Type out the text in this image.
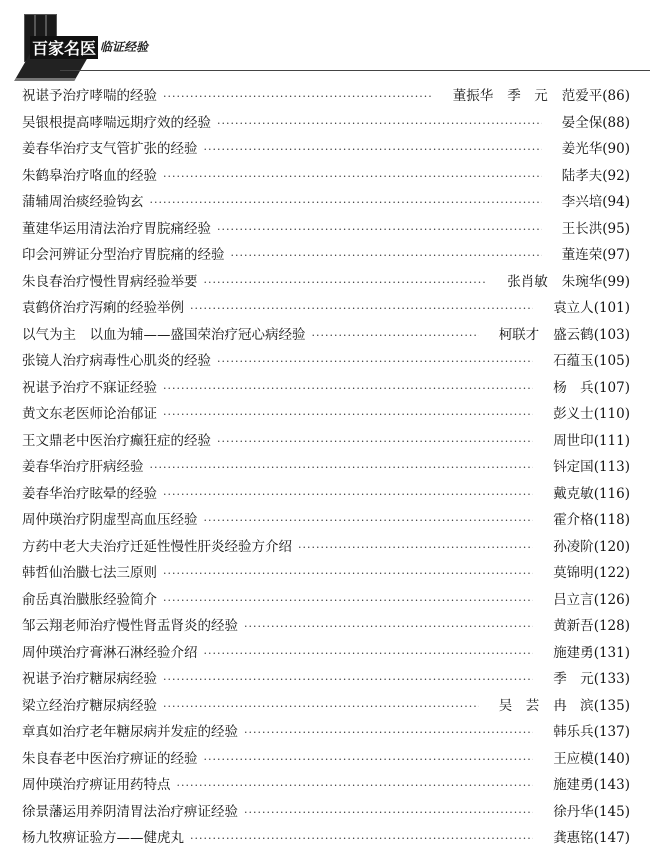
百家名医 临证经验
祝谌予治疗哮喘的经验 ·····	董振华 季　元 范爱平 (86)
吴银根提高哮喘远期疗效的经验 ·····	晏全保 (88)
姜春华治疗支气管扩张的经验 ·····	姜光华 (90)
朱鹤皋治疗咯血的经验 ·····	陆孝夫 (92)
蒲辅周治痰经验钩玄 ·····	李兴培 (94)
董建华运用清法治疗胃脘痛经验 ·····	王长洪 (95)
印会河辨证分型治疗胃脘痛的经验 ·····	董连荣 (97)
朱良春治疗慢性胃病经验举要 ·····	张肖敏 朱琬华 (99)
袁鹤侪治疗泻痢的经验举例 ·····	袁立人 (101)
以气为主　以血为辅——盛国荣治疗冠心病经验 ·····	柯联才 盛云鹤 (103)
张镜人治疗病毒性心肌炎的经验 ·····	石蕴玉 (105)
祝谌予治疗不寐证经验 ·····	杨　兵 (107)
黄文东老医师论治郁证 ·····	彭义士 (110)
王文鼎老中医治疗癫狂症的经验 ·····	周世印 (111)
姜春华治疗肝病经验 ·····	钭定国 (113)
姜春华治疗眩晕的经验 ·····	戴克敏 (116)
周仲瑛治疗阴虚型高血压经验 ·····	霍介格 (118)
方药中老大夫治疗迁延性慢性肝炎经验方介绍 ·····	孙凌阶 (120)
韩哲仙治臌七法三原则 ·····	莫锦明 (122)
俞岳真治臌胀经验简介 ·····	吕立言 (126)
邹云翔老师治疗慢性肾盂肾炎的经验 ·····	黄新吾 (128)
周仲瑛治疗膏淋石淋经验介绍 ·····	施建勇 (131)
祝谌予治疗糖尿病经验 ·····	季　元 (133)
梁立经治疗糖尿病经验 ·····	吴　芸 冉　滨 (135)
章真如治疗老年糖尿病并发症的经验 ·····	韩乐兵 (137)
朱良春老中医治疗痹证的经验 ·····	王应模 (140)
周仲瑛治疗痹证用药特点 ·····	施建勇 (143)
徐景藩运用养阴清胃法治疗痹证经验 ·····	徐丹华 (145)
杨九牧痹证验方——健虎丸 ·····	龚惠铭 (147)
